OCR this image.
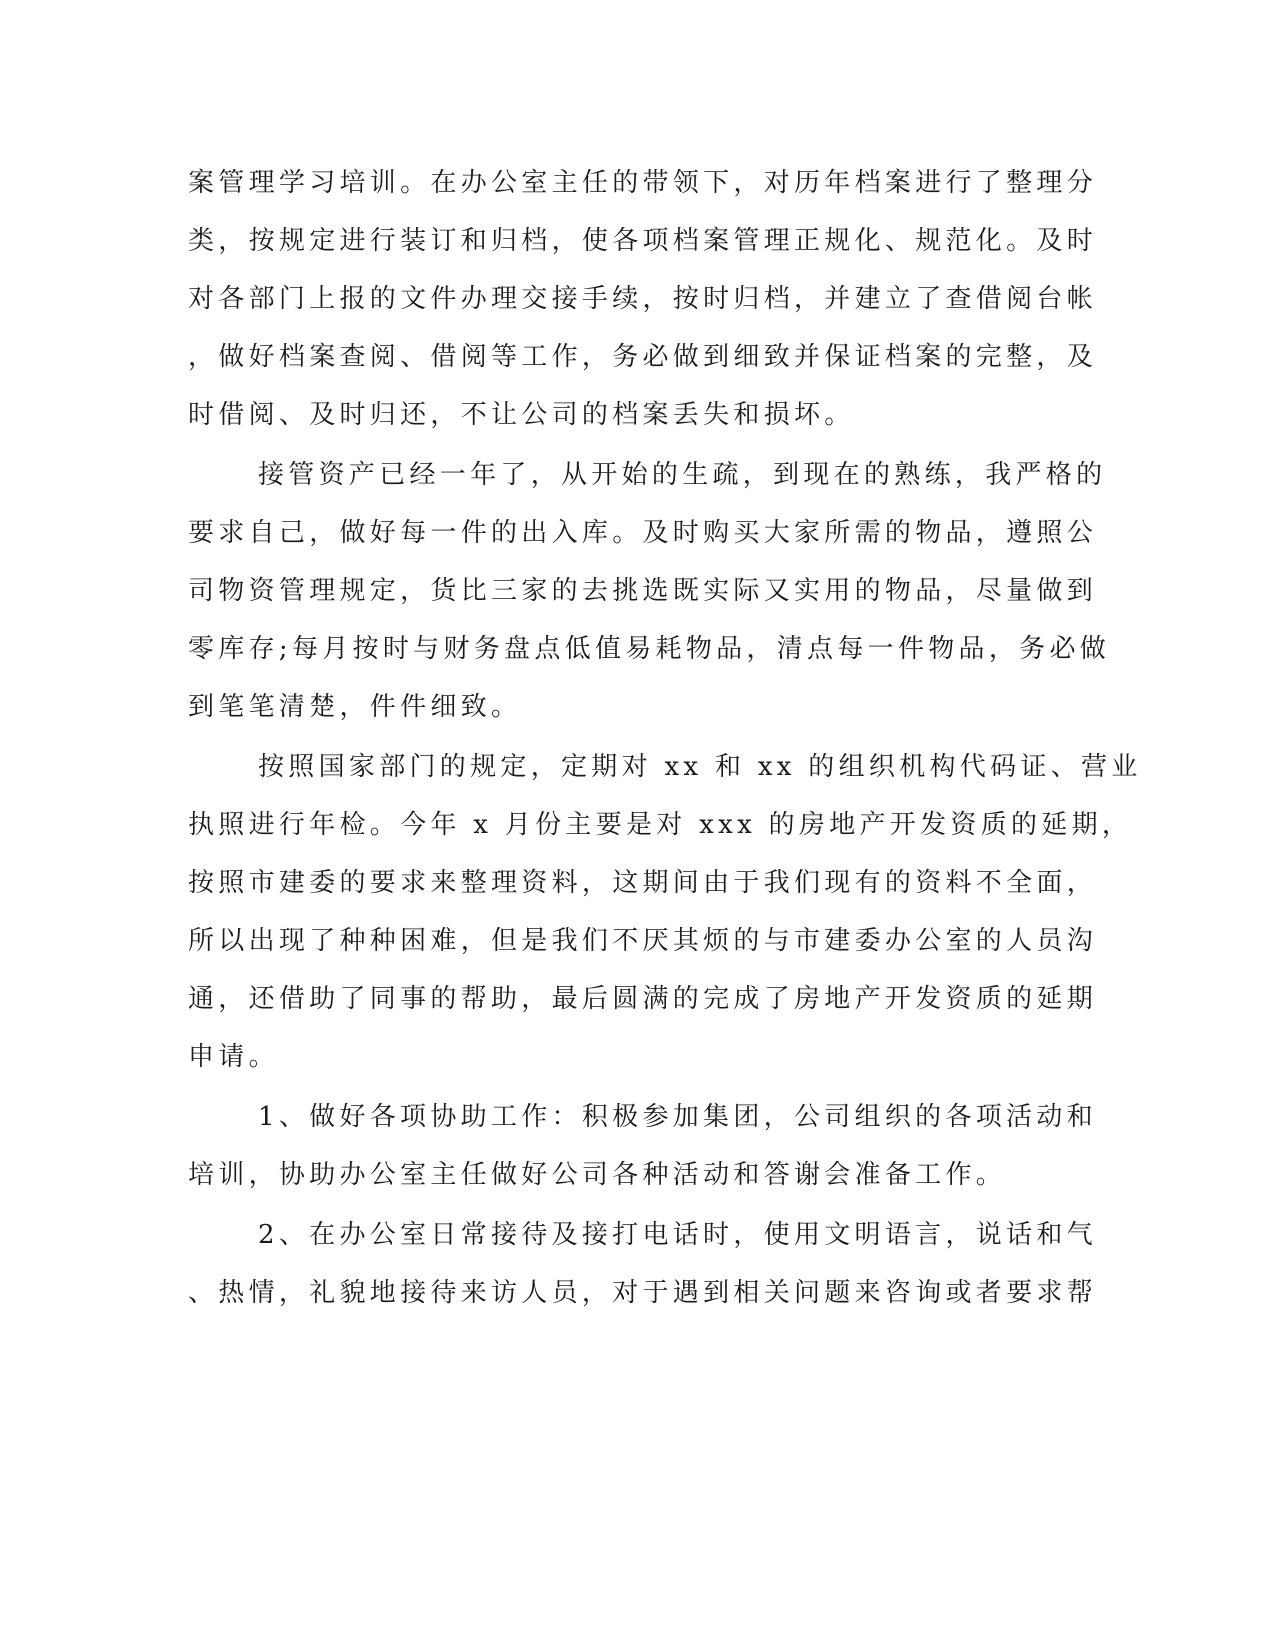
案管理学习培训。在办公室主任的带领下，对历年档案进行了整理分

类，按规定进行装订和归档，使各项档案管理正规化、规范化。及时

对各部门上报的文件办理交接手续，按时归档，并建立了查借阅台帐

，做好档案查阅、借阅等工作，务必做到细致并保证档案的完整，及

时借阅、及时归还，不让公司的档案丢失和损坏。

接管资产已经一年了，从开始的生疏，到现在的熟练，我严格的

要求自己，做好每一件的出入库。及时购买大家所需的物品，遵照公

司物资管理规定，货比三家的去挑选既实际又实用的物品，尽量做到

零库存;每月按时与财务盘点低值易耗物品，清点每一件物品，务必做

到笔笔清楚，件件细致。

按照国家部门的规定，定期对 xx 和 xx 的组织机构代码证、营业

执照进行年检。今年 x 月份主要是对 xxx 的房地产开发资质的延期，

按照市建委的要求来整理资料，这期间由于我们现有的资料不全面，

所以出现了种种困难，但是我们不厌其烦的与市建委办公室的人员沟

通，还借助了同事的帮助，最后圆满的完成了房地产开发资质的延期

申请。

1、做好各项协助工作：积极参加集团，公司组织的各项活动和

培训，协助办公室主任做好公司各种活动和答谢会准备工作。

2、在办公室日常接待及接打电话时，使用文明语言，说话和气

、热情，礼貌地接待来访人员，对于遇到相关问题来咨询或者要求帮
